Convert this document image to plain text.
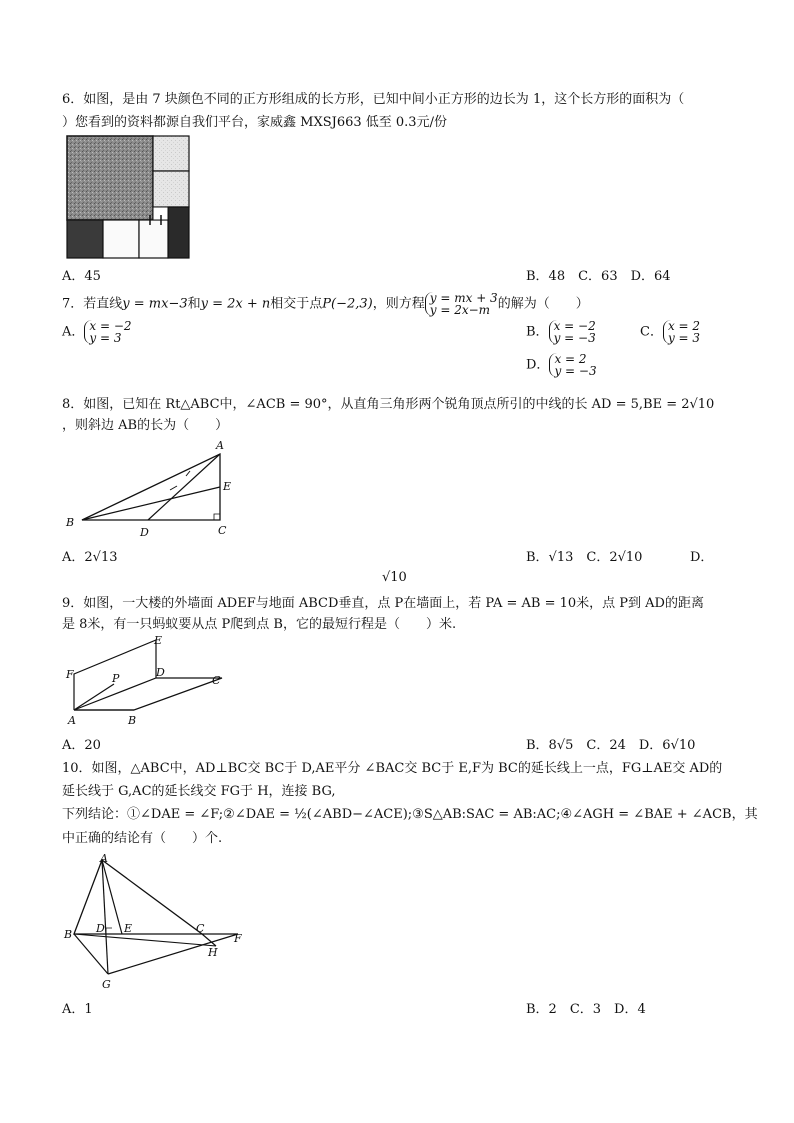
6．如图，是由 7 块颜色不同的正方形组成的长方形，已知中间小正方形的边长为 1，这个长方形的面积为（
）您看到的资料都源自我们平台，家威鑫 MXSJ663 低至 0.3元/份
A．45	B．48　C．63　D．64
7．若直线y = mx−3和y = 2x + n相交于点P(−2,3)，则方程 y = mx + 3
y = 2x−m 的解为（　　）
A． x = −2
y = 3	B． x = −2
y = −3	C． x = 2
y = 3
D． x = 2
y = −3
8．如图，已知在 Rt△ABC中，∠ACB = 90°，从直角三角形两个锐角顶点所引的中线的长 AD = 5,BE = 2√10
，则斜边 AB的长为（　　）
A
B
C
D
E
A．2√13	B．√13　C．2√10	D．
√10
9．如图，一大楼的外墙面 ADEF与地面 ABCD垂直，点 P在墙面上，若 PA = AB = 10米，点 P到 AD的距离
是 8米，有一只蚂蚁要从点 P爬到点 B，它的最短行程是（　　）米.
F	P
E
D
C
A	B
A．20	B．8√5　C．24　D．6√10
10．如图，△ABC中，AD⊥BC交 BC于 D,AE平分 ∠BAC交 BC于 E,F为 BC的延长线上一点，FG⊥AE交 AD的
延长线于 G,AC的延长线交 FG于 H，连接 BG,
下列结论：①∠DAE = ∠F;②∠DAE = ½(∠ABD−∠ACE);③S△AB:SAC = AB:AC;④∠AGH = ∠BAE + ∠ACB，其
中正确的结论有（　　）个.
A
B D E	C
F
H
G
A．1	B．2　C．3　D．4
